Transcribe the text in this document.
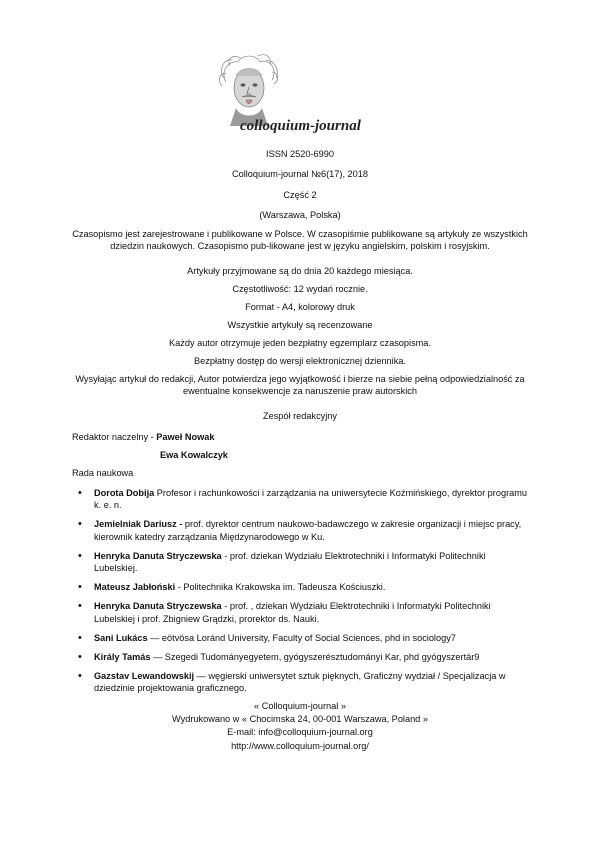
colloquium-journal

ISSN 2520-6990

Colloquium-journal №6(17), 2018

Część 2

(Warszawa, Polska)

Czasopismo jest zarejestrowane i publikowane w Polsce. W czasopiśmie publikowane są artykuły ze wszystkich dziedzin naukowych. Czasopismo pub-likowane jest w języku angielskim, polskim i rosyjskim.

Artykuły przyjmowane są do dnia 20 każdego miesiąca.

Częstotliwość: 12 wydań rocznie.

Format - A4, kolorowy druk

Wszystkie artykuły są recenzowane

Każdy autor otrzymuje jeden bezpłatny egzemplarz czasopisma.

Bezpłatny dostęp do wersji elektronicznej dziennika.

Wysyłając artykuł do redakcji, Autor potwierdza jego wyjątkowość i bierze na siebie pełną odpowiedzialność za ewentualne konsekwencje za naruszenie praw autorskich

Zespół redakcyjny

Redaktor naczelny - Paweł Nowak

Ewa Kowalczyk

Rada naukowa

• Dorota Dobija Profesor i rachunkowości i zarządzania na uniwersytecie Koźmińskiego, dyrektor programu k. e. n.
• Jemielniak Dariusz - prof. dyrektor centrum naukowo-badawczego w zakresie organizacji i miejsc pracy, kierownik katedry zarządzania Międzynarodowego w Ku.
• Henryka Danuta Stryczewska - prof. dziekan Wydziału Elektrotechniki i Informatyki Politechniki Lubelskiej.
• Mateusz Jabłoński - Politechnika Krakowska im. Tadeusza Kościuszki.
• Henryka Danuta Stryczewska - prof. , dziekan Wydziału Elektrotechniki i Informatyki Politechniki Lubelskiej i prof. Zbigniew Grądzki, prorektor ds. Nauki.
• Sani Lukács — eötvösa Loránd University, Faculty of Social Sciences, phd in sociology7
• Király Tamás — Szegedi Tudományegyetem, gyógyszerésztudományi Kar, phd gyógyszertár9
• Gazstav Lewandowskij — węgierski uniwersytet sztuk pięknych, Graficzny wydział / Specjalizacja w dziedzinie projektowania graficznego.
« Colloquium-journal »
Wydrukowano w « Chocimska 24, 00-001 Warszawa, Poland »
E-mail: info@colloquium-journal.org
http://www.colloquium-journal.org/
